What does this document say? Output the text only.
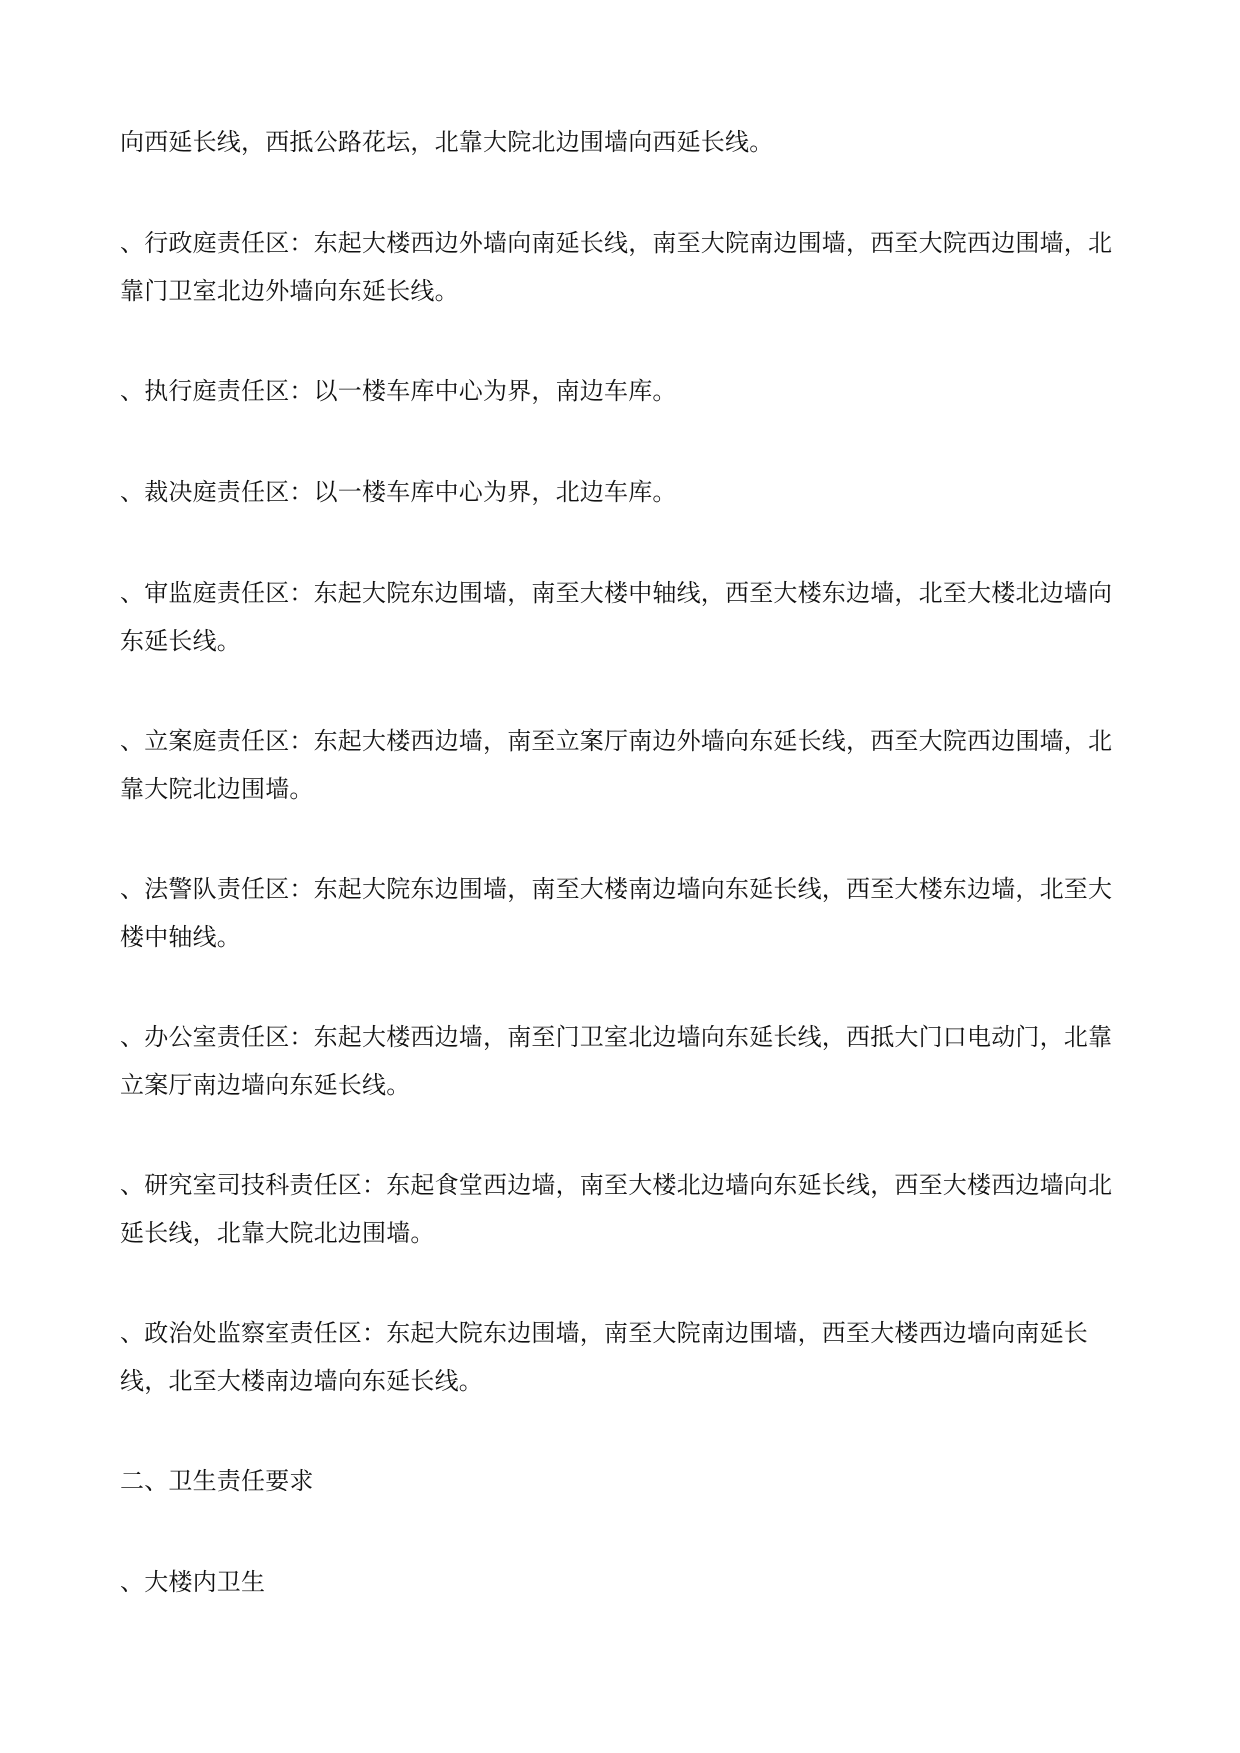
向西延长线，西抵公路花坛，北靠大院北边围墙向西延长线。

、行政庭责任区：东起大楼西边外墙向南延长线，南至大院南边围墙，西至大院西边围墙，北靠门卫室北边外墙向东延长线。

、执行庭责任区：以一楼车库中心为界，南边车库。

、裁决庭责任区：以一楼车库中心为界，北边车库。

、审监庭责任区：东起大院东边围墙，南至大楼中轴线，西至大楼东边墙，北至大楼北边墙向东延长线。

、立案庭责任区：东起大楼西边墙，南至立案厅南边外墙向东延长线，西至大院西边围墙，北靠大院北边围墙。

、法警队责任区：东起大院东边围墙，南至大楼南边墙向东延长线，西至大楼东边墙，北至大楼中轴线。

、办公室责任区：东起大楼西边墙，南至门卫室北边墙向东延长线，西抵大门口电动门，北靠立案厅南边墙向东延长线。

、研究室司技科责任区：东起食堂西边墙，南至大楼北边墙向东延长线，西至大楼西边墙向北延长线，北靠大院北边围墙。

、政治处监察室责任区：东起大院东边围墙，南至大院南边围墙，西至大楼西边墙向南延长线，北至大楼南边墙向东延长线。

二、卫生责任要求

、大楼内卫生
